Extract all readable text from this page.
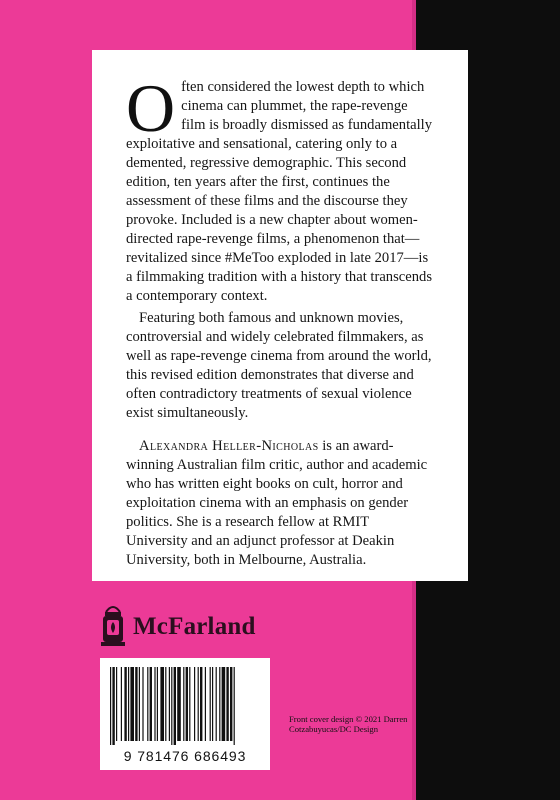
Often considered the lowest depth to which cinema can plummet, the rape-revenge film is broadly dismissed as fundamentally exploitative and sensational, catering only to a demented, regressive demographic. This second edition, ten years after the first, continues the assessment of these films and the discourse they provoke. Included is a new chapter about women-directed rape-revenge films, a phenomenon that—revitalized since #MeToo exploded in late 2017—is a filmmaking tradition with a history that transcends a contemporary context.

Featuring both famous and unknown movies, controversial and widely celebrated filmmakers, as well as rape-revenge cinema from around the world, this revised edition demonstrates that diverse and often contradictory treatments of sexual violence exist simultaneously.

Alexandra Heller-Nicholas is an award-winning Australian film critic, author and academic who has written eight books on cult, horror and exploitation cinema with an emphasis on gender politics. She is a research fellow at RMIT University and an adjunct professor at Deakin University, both in Melbourne, Australia.

McFarland
9 781476 686493
Front cover design © 2021 Darren Cotzabuyucas/DC Design
